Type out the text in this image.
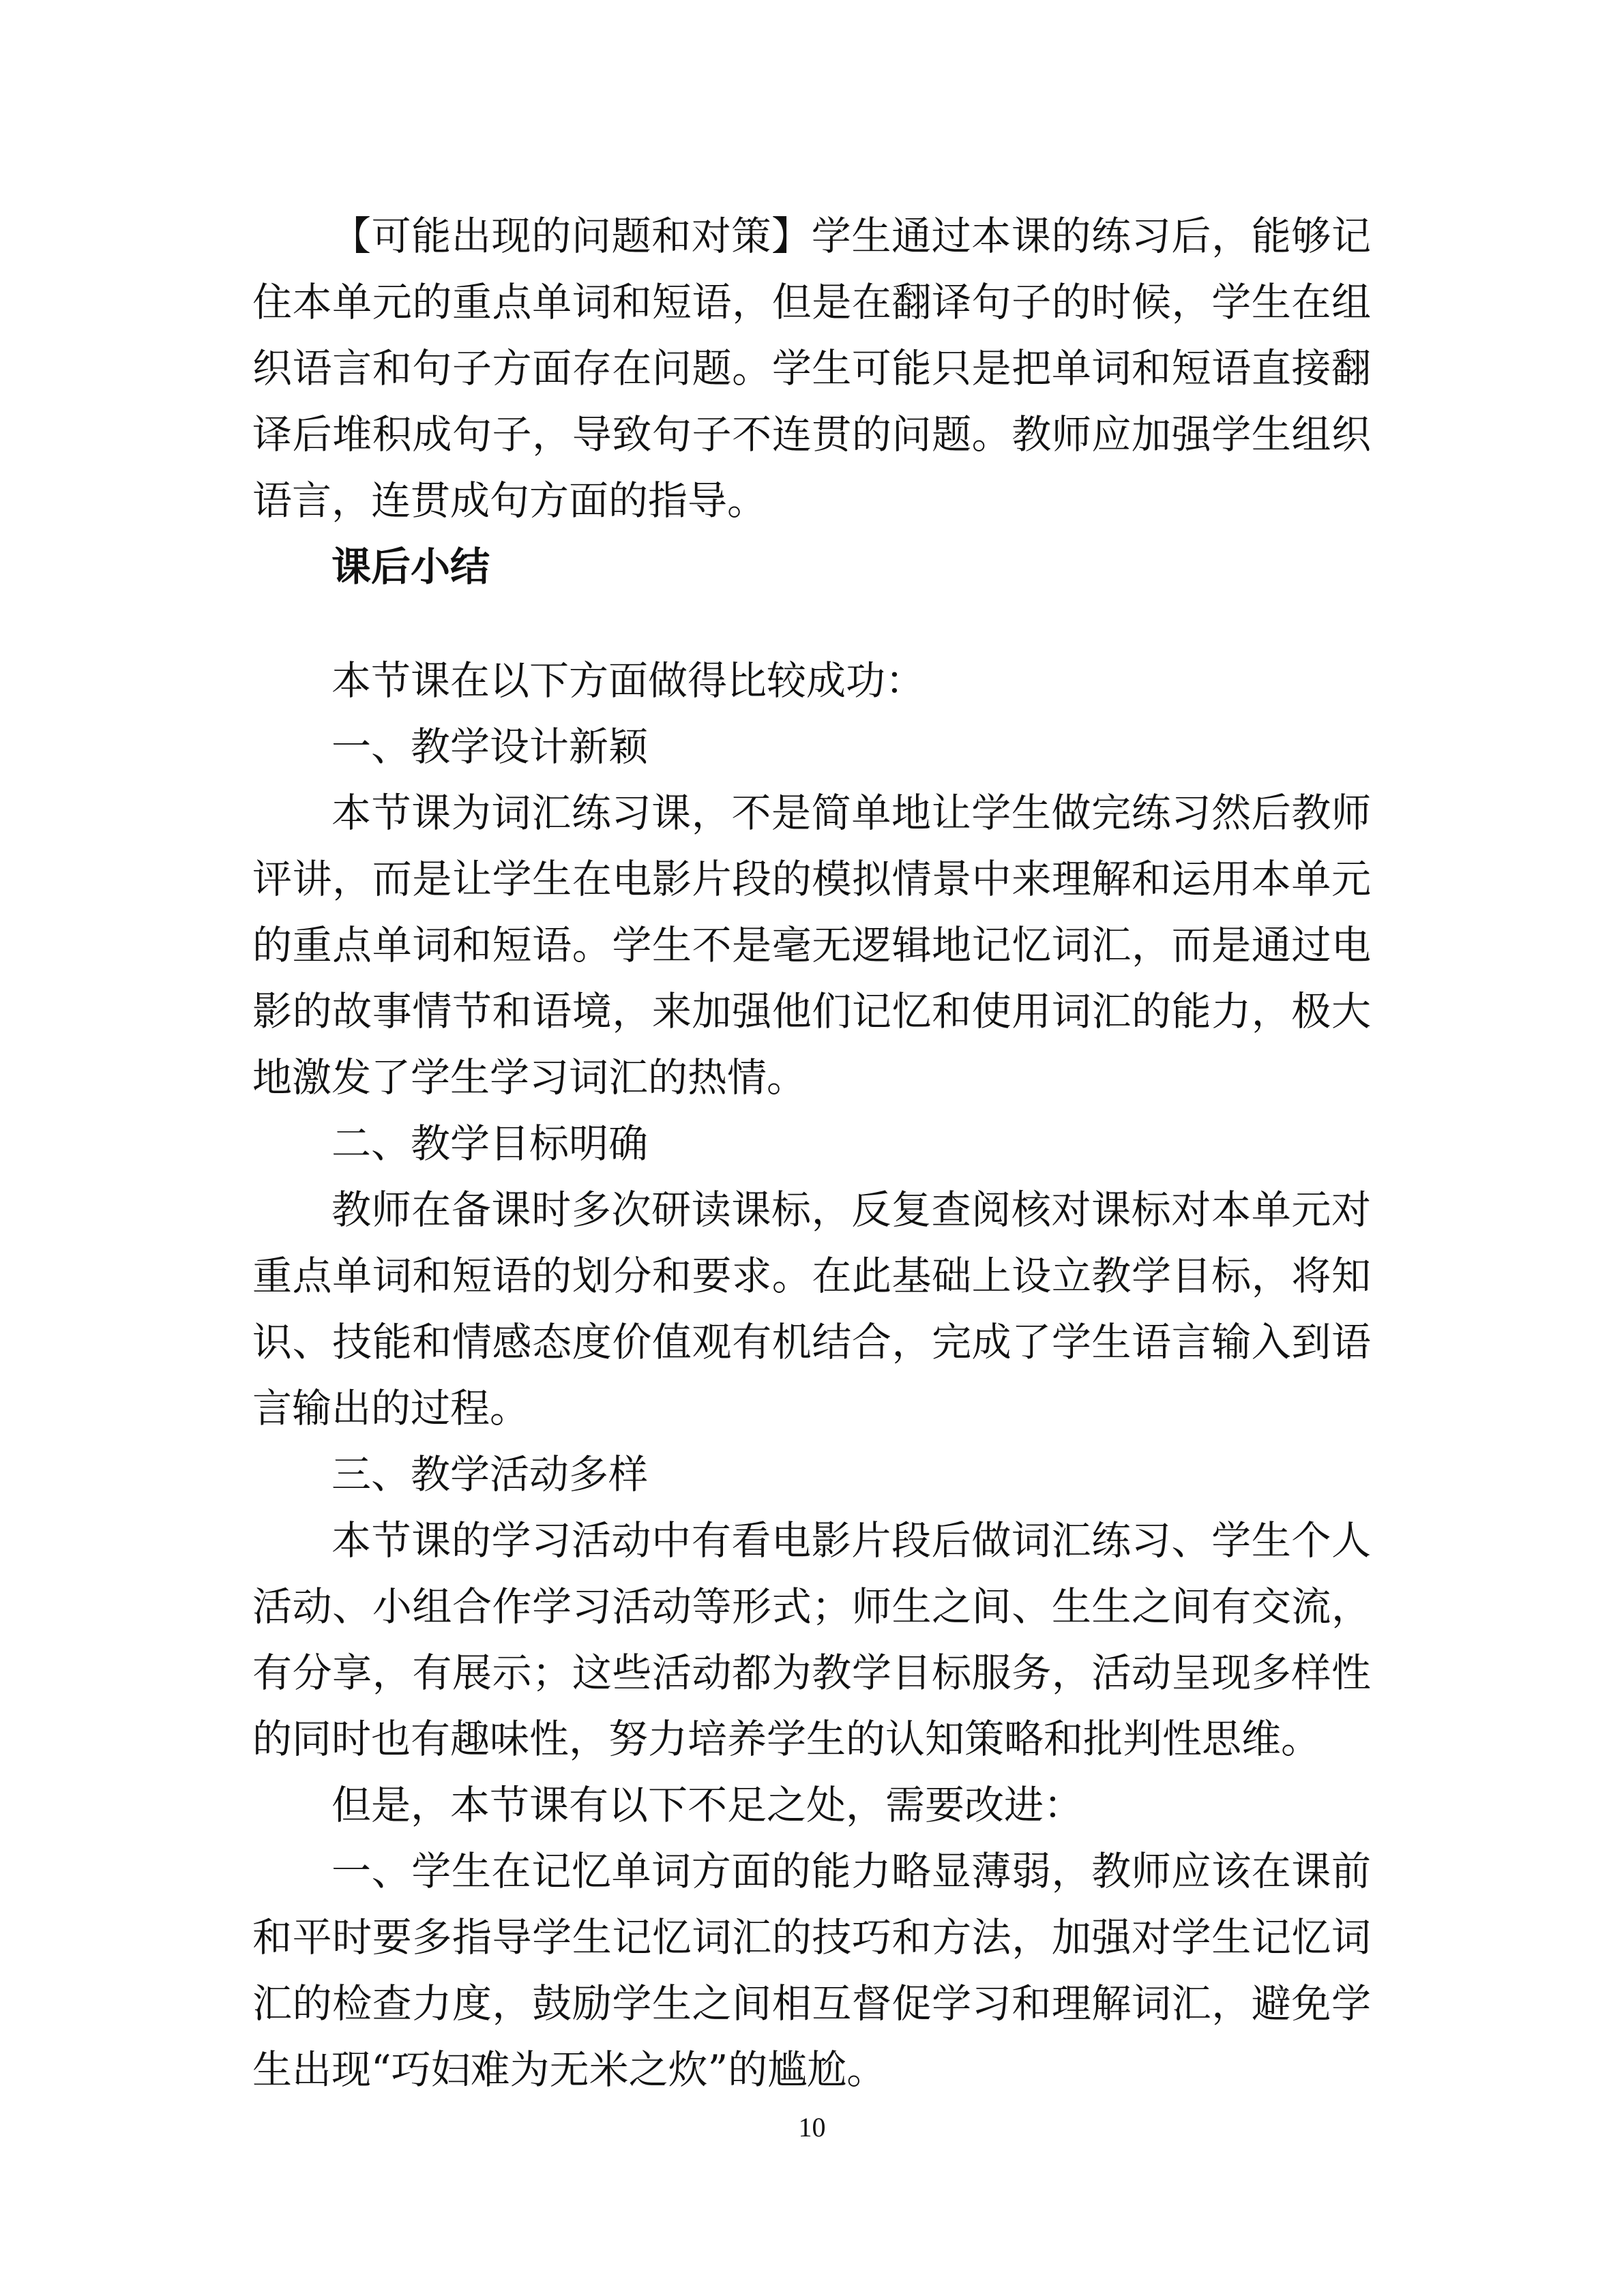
【可能出现的问题和对策】学生通过本课的练习后，能够记住本单元的重点单词和短语，但是在翻译句子的时候，学生在组织语言和句子方面存在问题。学生可能只是把单词和短语直接翻译后堆积成句子，导致句子不连贯的问题。教师应加强学生组织语言，连贯成句方面的指导。

课后小结

本节课在以下方面做得比较成功：

一、教学设计新颖

本节课为词汇练习课，不是简单地让学生做完练习然后教师评讲，而是让学生在电影片段的模拟情景中来理解和运用本单元的重点单词和短语。学生不是毫无逻辑地记忆词汇，而是通过电影的故事情节和语境，来加强他们记忆和使用词汇的能力，极大地激发了学生学习词汇的热情。

二、教学目标明确

教师在备课时多次研读课标，反复查阅核对课标对本单元对重点单词和短语的划分和要求。在此基础上设立教学目标，将知识、技能和情感态度价值观有机结合，完成了学生语言输入到语言输出的过程。

三、教学活动多样

本节课的学习活动中有看电影片段后做词汇练习、学生个人活动、小组合作学习活动等形式；师生之间、生生之间有交流，有分享，有展示；这些活动都为教学目标服务，活动呈现多样性的同时也有趣味性，努力培养学生的认知策略和批判性思维。

但是，本节课有以下不足之处，需要改进：

一、学生在记忆单词方面的能力略显薄弱，教师应该在课前和平时要多指导学生记忆词汇的技巧和方法，加强对学生记忆词汇的检查力度，鼓励学生之间相互督促学习和理解词汇，避免学生出现“巧妇难为无米之炊”的尴尬。

10
